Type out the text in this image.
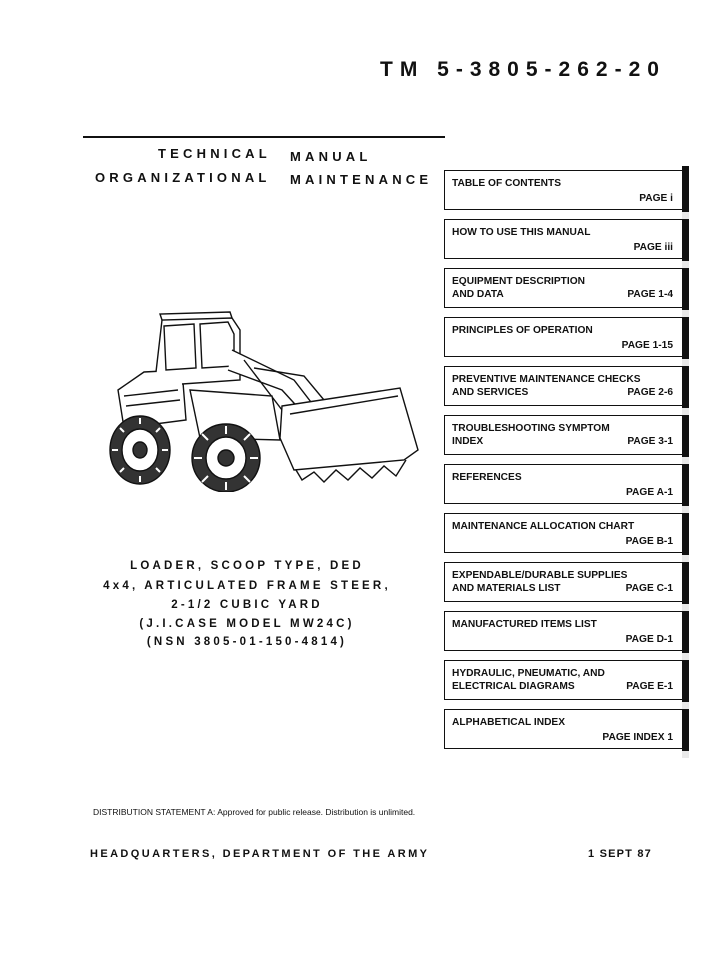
TM 5-3805-262-20
TECHNICAL MANUAL
ORGANIZATIONAL MAINTENANCE
LOADER, SCOOP TYPE, DED
4x4, ARTICULATED FRAME STEER,
2-1/2 CUBIC YARD
(J.I.CASE MODEL MW24C)
(NSN 3805-01-150-4814)
TABLE OF CONTENTS
PAGE i
HOW TO USE THIS MANUAL
PAGE iii
EQUIPMENT DESCRIPTION
AND DATA	PAGE 1-4
PRINCIPLES OF OPERATION
PAGE 1-15
PREVENTIVE MAINTENANCE CHECKS
AND SERVICES	PAGE 2-6
TROUBLESHOOTING SYMPTOM
INDEX	PAGE 3-1
REFERENCES
PAGE A-1
MAINTENANCE ALLOCATION CHART
PAGE B-1
EXPENDABLE/DURABLE SUPPLIES
AND MATERIALS LIST	PAGE C-1
MANUFACTURED ITEMS LIST
PAGE D-1
HYDRAULIC, PNEUMATIC, AND
ELECTRICAL DIAGRAMS	PAGE E-1
ALPHABETICAL INDEX
PAGE INDEX 1
DISTRIBUTION STATEMENT A: Approved for public release. Distribution is unlimited.
HEADQUARTERS, DEPARTMENT OF THE ARMY	1 SEPT 87
